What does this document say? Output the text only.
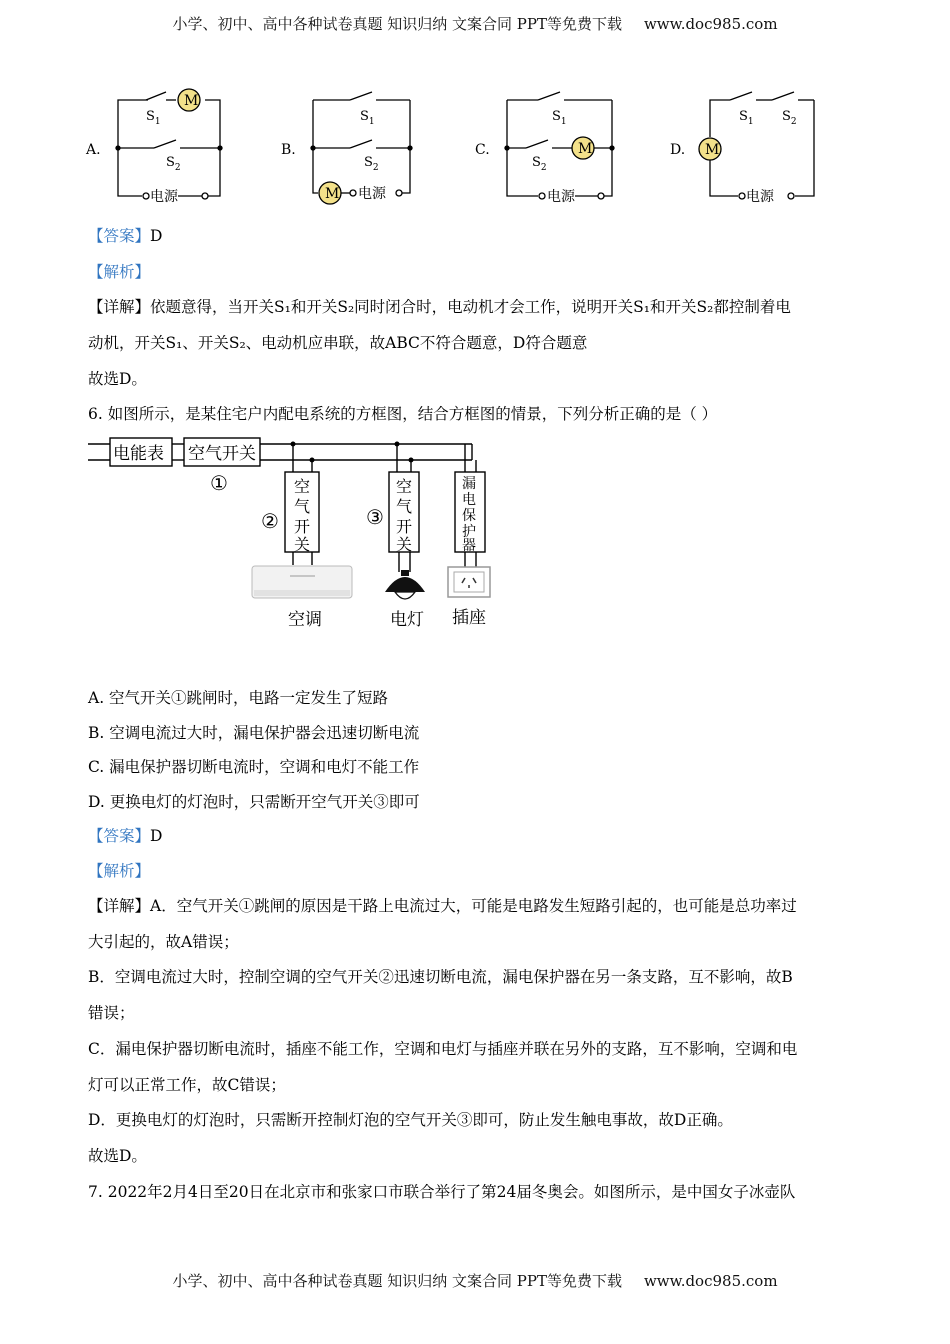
小学、初中、高中各种试卷真题 知识归纳 文案合同 PPT等免费下载 www.doc985.com
A.	B.	C.	D.
$S_1$
M
$S_2$
电源
$S_1$
$S_2$
M 电源
$S_1$
$S_2$
M
电源
$S_1$ $S_2$
M
电源
【答案】D
【解析】
【详解】依题意得，当开关S₁和开关S₂同时闭合时，电动机才会工作，说明开关S₁和开关S₂都控制着电
动机，开关S₁、开关S₂、电动机应串联，故ABC不符合题意，D符合题意
故选D。
6. 如图所示，是某住宅户内配电系统的方框图，结合方框图的情景，下列分析正确的是（ ）
电能表 空气开关
①
②	③
空
气
开
关
空
气
开
关
漏
电
保
护
器
空调	电灯 插座
A. 空气开关①跳闸时，电路一定发生了短路
B. 空调电流过大时，漏电保护器会迅速切断电流
C. 漏电保护器切断电流时，空调和电灯不能工作
D. 更换电灯的灯泡时，只需断开空气开关③即可
【答案】D
【解析】
【详解】A．空气开关①跳闸的原因是干路上电流过大，可能是电路发生短路引起的，也可能是总功率过
大引起的，故A错误；
B．空调电流过大时，控制空调的空气开关②迅速切断电流，漏电保护器在另一条支路，互不影响，故B
错误；
C．漏电保护器切断电流时，插座不能工作，空调和电灯与插座并联在另外的支路，互不影响，空调和电
灯可以正常工作，故C错误；
D．更换电灯的灯泡时，只需断开控制灯泡的空气开关③即可，防止发生触电事故，故D正确。
故选D。
7. 2022年2月4日至20日在北京市和张家口市联合举行了第24届冬奥会。如图所示，是中国女子冰壶队
小学、初中、高中各种试卷真题 知识归纳 文案合同 PPT等免费下载 www.doc985.com
